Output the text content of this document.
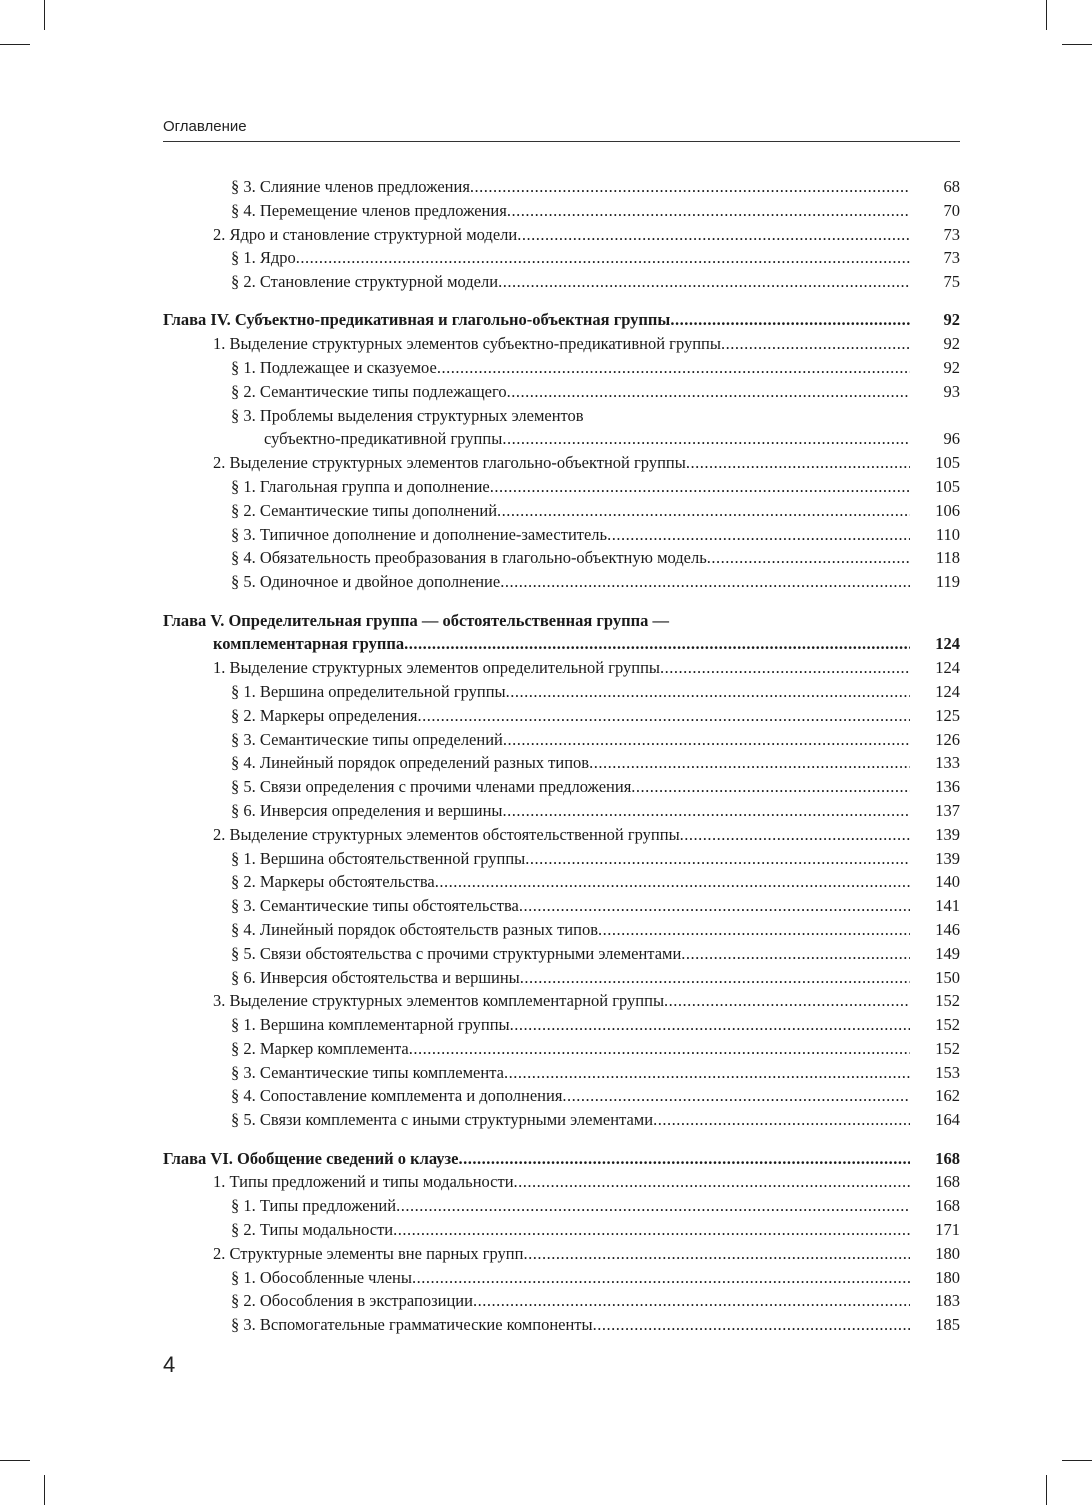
Оглавление
§ 3. Слияние членов предложения .....	68
§ 4. Перемещение членов предложения .....	70
2. Ядро и становление структурной модели .....	73
§ 1. Ядро .....	73
§ 2. Становление структурной модели .....	75
Глава IV. Субъектно-предикативная и глагольно-объектная группы .....	92
1. Выделение структурных элементов субъектно-предикативной группы .....	92
§ 1. Подлежащее и сказуемое .....	92
§ 2. Семантические типы подлежащего .....	93
§ 3. Проблемы выделения структурных элементов
субъектно-предикативной группы .....	96
2. Выделение структурных элементов глагольно-объектной группы .....	105
§ 1. Глагольная группа и дополнение .....	105
§ 2. Семантические типы дополнений .....	106
§ 3. Типичное дополнение и дополнение-заместитель .....	110
§ 4. Обязательность преобразования в глагольно-объектную модель .....	118
§ 5. Одиночное и двойное дополнение .....	119
Глава V. Определительная группа — обстоятельственная группа —
комплементарная группа .....	124
1. Выделение структурных элементов определительной группы .....	124
§ 1. Вершина определительной группы .....	124
§ 2. Маркеры определения .....	125
§ 3. Семантические типы определений .....	126
§ 4. Линейный порядок определений разных типов .....	133
§ 5. Связи определения с прочими членами предложения .....	136
§ 6. Инверсия определения и вершины .....	137
2. Выделение структурных элементов обстоятельственной группы .....	139
§ 1. Вершина обстоятельственной группы .....	139
§ 2. Маркеры обстоятельства .....	140
§ 3. Семантические типы обстоятельства .....	141
§ 4. Линейный порядок обстоятельств разных типов .....	146
§ 5. Связи обстоятельства с прочими структурными элементами .....	149
§ 6. Инверсия обстоятельства и вершины .....	150
3. Выделение структурных элементов комплементарной группы .....	152
§ 1. Вершина комплементарной группы .....	152
§ 2. Маркер комплемента .....	152
§ 3. Семантические типы комплемента .....	153
§ 4. Сопоставление комплемента и дополнения .....	162
§ 5. Связи комплемента с иными структурными элементами .....	164
Глава VI. Обобщение сведений о клаузе .....	168
1. Типы предложений и типы модальности .....	168
§ 1. Типы предложений .....	168
§ 2. Типы модальности .....	171
2. Структурные элементы вне парных групп .....	180
§ 1. Обособленные члены .....	180
§ 2. Обособления в экстрапозиции .....	183
§ 3. Вспомогательные грамматические компоненты .....	185
4
